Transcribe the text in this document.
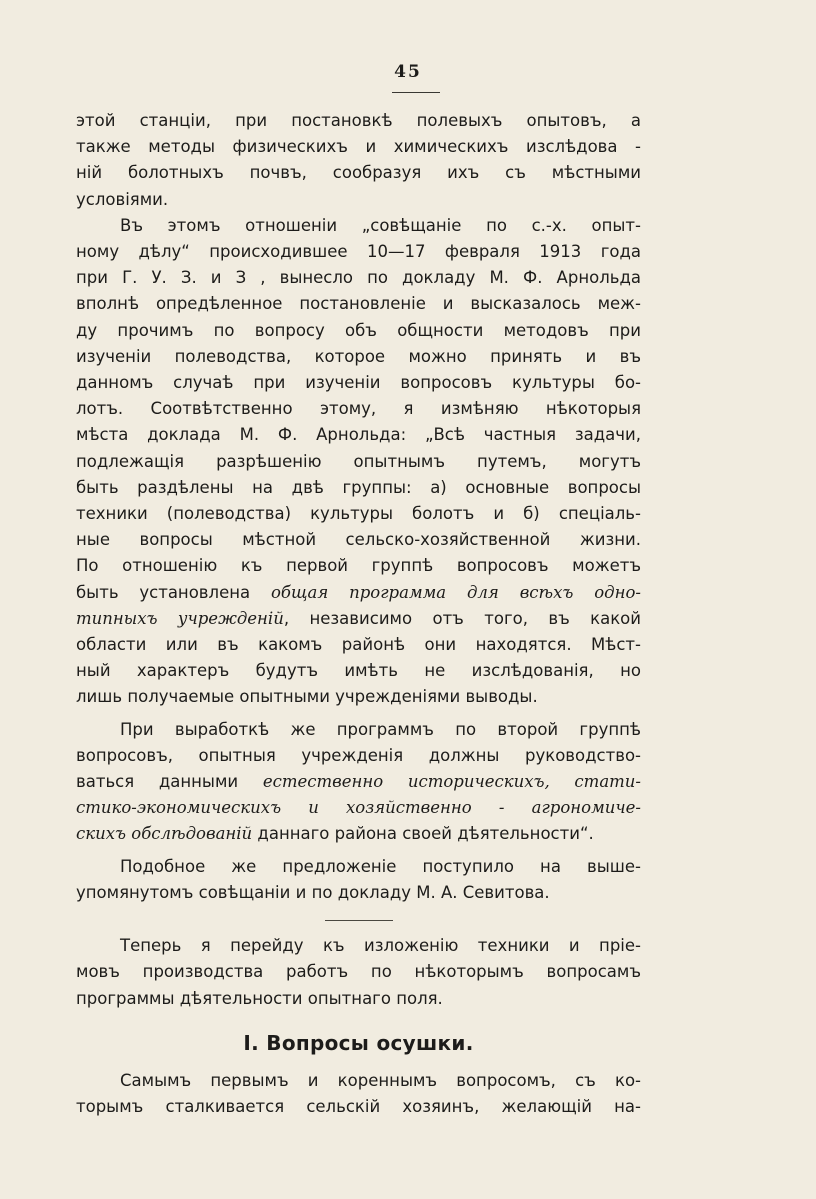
45
этой станціи, при постановкѣ полевыхъ опытовъ, а
также методы физическихъ и химическихъ изслѣдова -
ній болотныхъ почвъ, сообразуя ихъ съ мѣстными
условіями.
Въ этомъ отношеніи „совѣщаніе по с.-х. опыт-
ному дѣлу“ происходившее 10—17 февраля 1913 года
при Г. У. З. и З , вынесло по докладу М. Ф. Арнольда
вполнѣ опредѣленное постановленіе и высказалось меж-
ду прочимъ по вопросу объ общности методовъ при
изученіи полеводства, которое можно принять и въ
данномъ случаѣ при изученіи вопросовъ культуры бо-
лотъ. Соотвѣтственно этому, я измѣняю нѣкоторыя
мѣста доклада М. Ф. Арнольда: „Всѣ частныя задачи,
подлежащія разрѣшенію опытнымъ путемъ, могутъ
быть раздѣлены на двѣ группы: а) основные вопросы
техники (полеводства) культуры болотъ и б) спеціаль-
ные вопросы мѣстной сельско-хозяйственной жизни.
По отношенію къ первой группѣ вопросовъ можетъ
быть установлена общая программа для всѣхъ одно-
типныхъ учрежденій, независимо отъ того, въ какой
области или въ какомъ районѣ они находятся. Мѣст-
ный характеръ будутъ имѣть не изслѣдованія, но
лишь получаемые опытными учрежденіями выводы.
При выработкѣ же программъ по второй группѣ
вопросовъ, опытныя учрежденія должны руководство-
ваться данными естественно историческихъ, стати-
стико-экономическихъ и хозяйственно - агрономиче-
скихъ обслѣдованій даннаго района своей дѣятельности“.
Подобное же предложеніе поступило на выше-
упомянутомъ совѣщаніи и по докладу М. А. Севитова.
Теперь я перейду къ изложенію техники и пріе-
мовъ производства работъ по нѣкоторымъ вопросамъ
программы дѣятельности опытнаго поля.
I. Вопросы осушки.
Самымъ первымъ и кореннымъ вопросомъ, съ ко-
торымъ сталкивается сельскій хозяинъ, желающій на-
